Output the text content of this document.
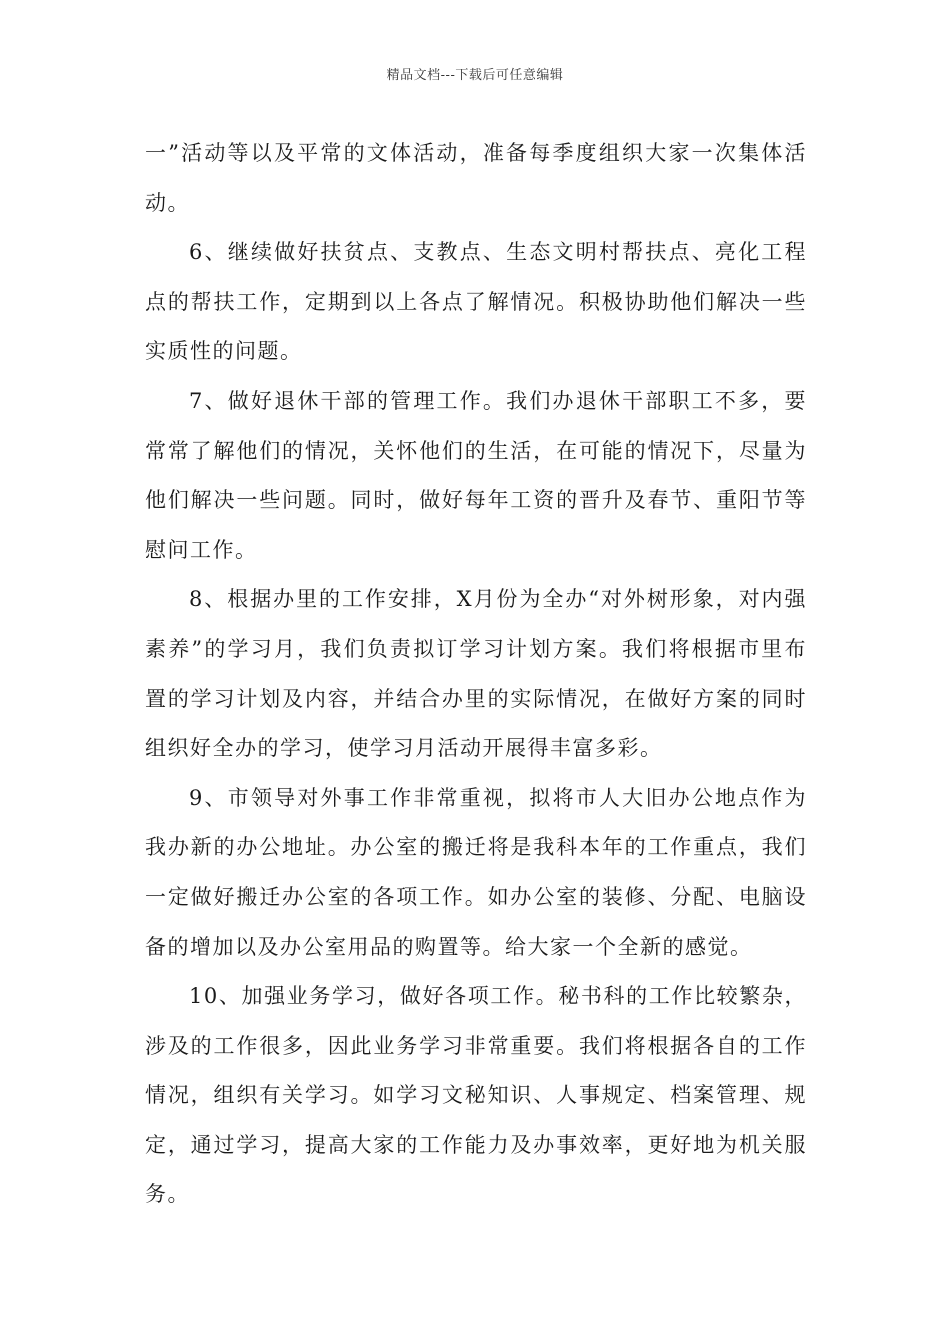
精品文档---下载后可任意编辑

一”活动等以及平常的文体活动，准备每季度组织大家一次集体活动。

6、继续做好扶贫点、支教点、生态文明村帮扶点、亮化工程点的帮扶工作，定期到以上各点了解情况。积极协助他们解决一些实质性的问题。

7、做好退休干部的管理工作。我们办退休干部职工不多，要常常了解他们的情况，关怀他们的生活，在可能的情况下，尽量为他们解决一些问题。同时，做好每年工资的晋升及春节、重阳节等慰问工作。

8、根据办里的工作安排，X月份为全办“对外树形象，对内强素养”的学习月，我们负责拟订学习计划方案。我们将根据市里布置的学习计划及内容，并结合办里的实际情况，在做好方案的同时组织好全办的学习，使学习月活动开展得丰富多彩。

9、市领导对外事工作非常重视，拟将市人大旧办公地点作为我办新的办公地址。办公室的搬迁将是我科本年的工作重点，我们一定做好搬迁办公室的各项工作。如办公室的装修、分配、电脑设备的增加以及办公室用品的购置等。给大家一个全新的感觉。

10、加强业务学习，做好各项工作。秘书科的工作比较繁杂，涉及的工作很多，因此业务学习非常重要。我们将根据各自的工作情况，组织有关学习。如学习文秘知识、人事规定、档案管理、规定，通过学习，提高大家的工作能力及办事效率，更好地为机关服务。
